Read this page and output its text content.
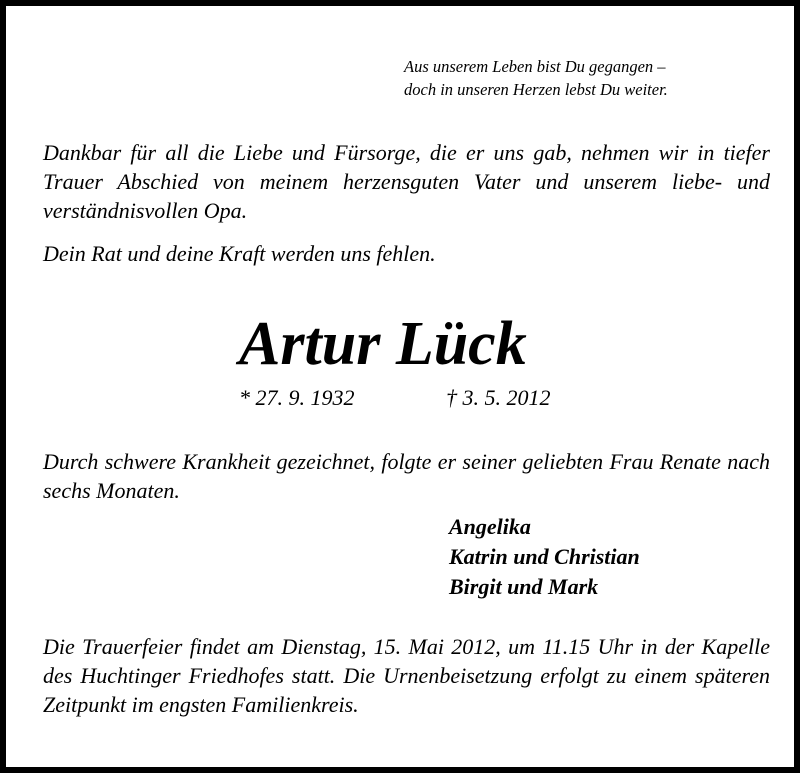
Aus unserem Leben bist Du gegangen –
doch in unseren Herzen lebst Du weiter.
Dankbar für all die Liebe und Fürsorge, die er uns gab, nehmen wir in tiefer Trauer Abschied von meinem herzensguten Vater und unserem liebe- und verständnisvollen Opa.
Dein Rat und deine Kraft werden uns fehlen.
Artur Lück
* 27. 9. 1932	† 3. 5. 2012
Durch schwere Krankheit gezeichnet, folgte er seiner geliebten Frau Renate nach sechs Monaten.
Angelika
Katrin und Christian
Birgit und Mark
Die Trauerfeier findet am Dienstag, 15. Mai 2012, um 11.15 Uhr in der Kapelle des Huchtinger Friedhofes statt. Die Urnenbeisetzung erfolgt zu einem späteren Zeitpunkt im engsten Familienkreis.
